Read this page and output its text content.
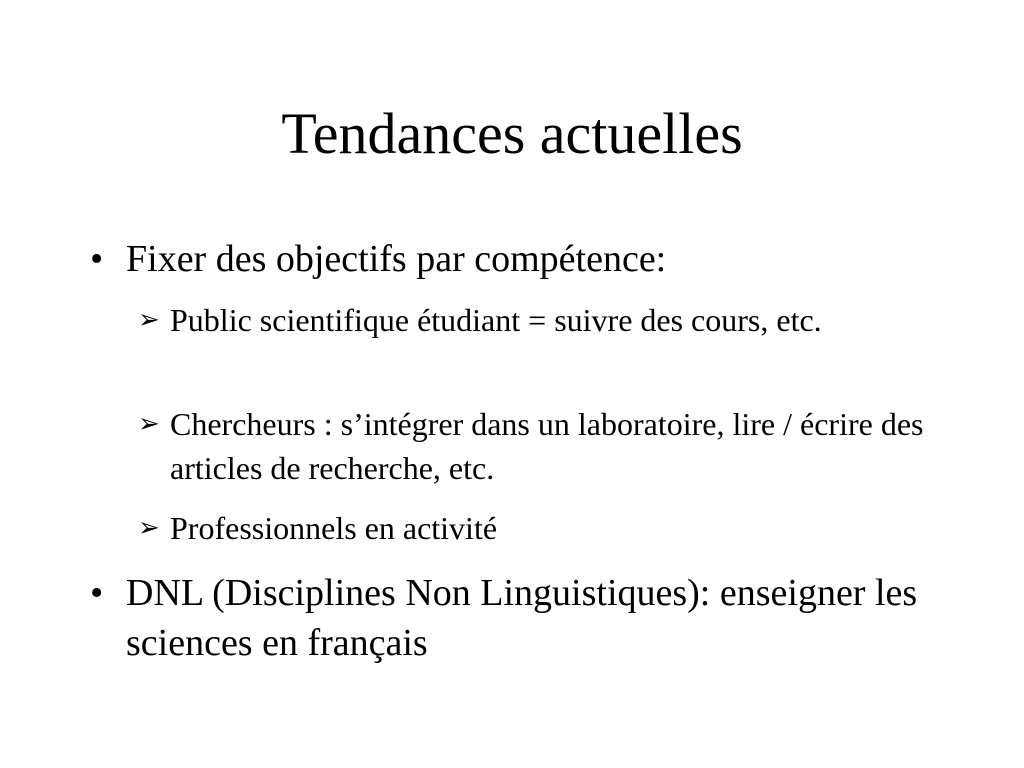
Tendances actuelles
• Fixer des objectifs par compétence:
➢ Public scientifique étudiant = suivre des cours, etc.
➢ Chercheurs : s’intégrer dans un laboratoire, lire / écrire des articles de recherche, etc.
➢ Professionnels en activité
• DNL (Disciplines Non Linguistiques): enseigner les sciences en français
